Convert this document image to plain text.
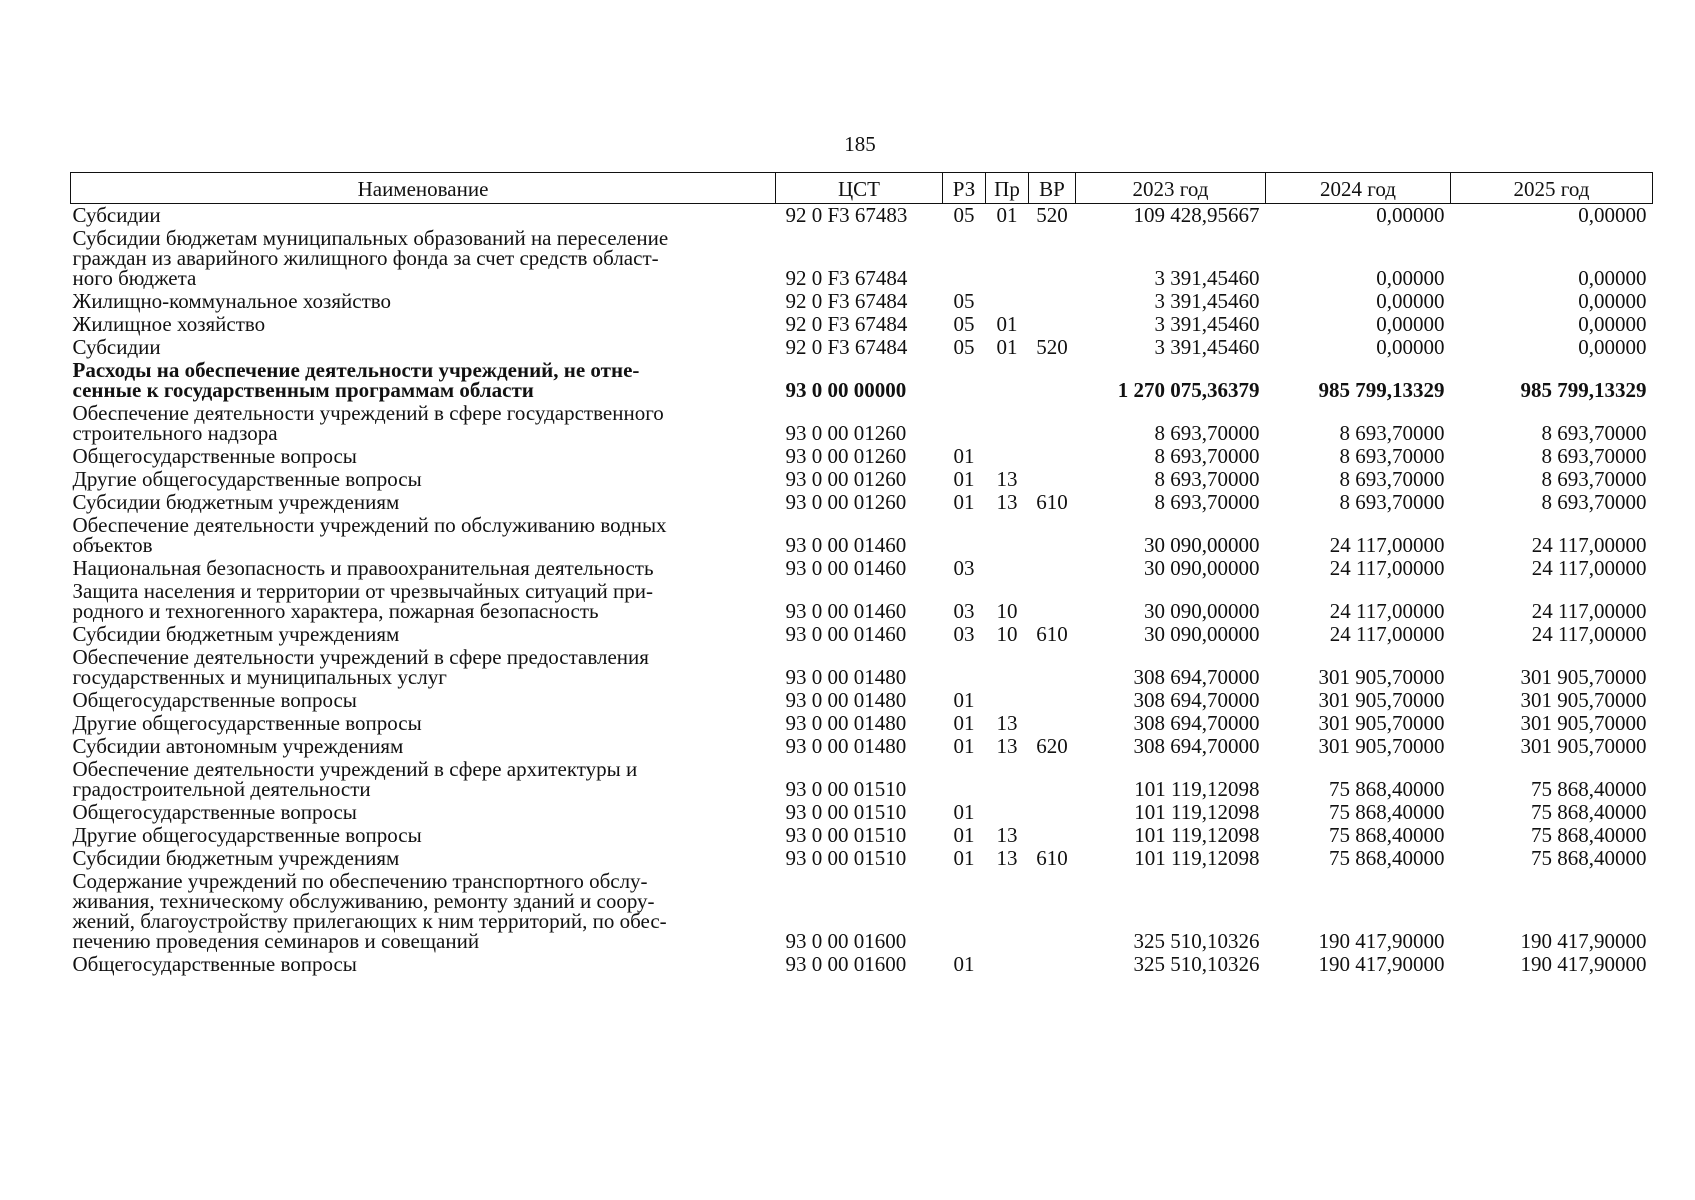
185
Наименование	ЦСТ	РЗ	Пр	ВР	2023 год	2024 год	2025 год

Субсидии	92 0 F3 67483	05	01	520	109 428,95667	0,00000	0,00000

Субсидии бюджетам муниципальных образований на переселение
граждан из аварийного жилищного фонда за счет средств област-
ного бюджета	92 0 F3 67484				3 391,45460	0,00000	0,00000

Жилищно-коммунальное хозяйство	92 0 F3 67484	05			3 391,45460	0,00000	0,00000

Жилищное хозяйство	92 0 F3 67484	05	01		3 391,45460	0,00000	0,00000

Субсидии	92 0 F3 67484	05	01	520	3 391,45460	0,00000	0,00000

Расходы на обеспечение деятельности учреждений, не отне-
сенные к государственным программам области	93 0 00 00000				1 270 075,36379	985 799,13329	985 799,13329

Обеспечение деятельности учреждений в сфере государственного
строительного надзора	93 0 00 01260				8 693,70000	8 693,70000	8 693,70000

Общегосударственные вопросы	93 0 00 01260	01			8 693,70000	8 693,70000	8 693,70000

Другие общегосударственные вопросы	93 0 00 01260	01	13		8 693,70000	8 693,70000	8 693,70000

Субсидии бюджетным учреждениям	93 0 00 01260	01	13	610	8 693,70000	8 693,70000	8 693,70000

Обеспечение деятельности учреждений по обслуживанию водных
объектов	93 0 00 01460				30 090,00000	24 117,00000	24 117,00000

Национальная безопасность и правоохранительная деятельность	93 0 00 01460	03			30 090,00000	24 117,00000	24 117,00000

Защита населения и территории от чрезвычайных ситуаций при-
родного и техногенного характера, пожарная безопасность	93 0 00 01460	03	10		30 090,00000	24 117,00000	24 117,00000

Субсидии бюджетным учреждениям	93 0 00 01460	03	10	610	30 090,00000	24 117,00000	24 117,00000

Обеспечение деятельности учреждений в сфере предоставления
государственных и муниципальных услуг	93 0 00 01480				308 694,70000	301 905,70000	301 905,70000

Общегосударственные вопросы	93 0 00 01480	01			308 694,70000	301 905,70000	301 905,70000

Другие общегосударственные вопросы	93 0 00 01480	01	13		308 694,70000	301 905,70000	301 905,70000

Субсидии автономным учреждениям	93 0 00 01480	01	13	620	308 694,70000	301 905,70000	301 905,70000

Обеспечение деятельности учреждений в сфере архитектуры и
градостроительной деятельности	93 0 00 01510				101 119,12098	75 868,40000	75 868,40000

Общегосударственные вопросы	93 0 00 01510	01			101 119,12098	75 868,40000	75 868,40000

Другие общегосударственные вопросы	93 0 00 01510	01	13		101 119,12098	75 868,40000	75 868,40000

Субсидии бюджетным учреждениям	93 0 00 01510	01	13	610	101 119,12098	75 868,40000	75 868,40000

Содержание учреждений по обеспечению транспортного обслу-
живания, техническому обслуживанию, ремонту зданий и соору-
жений, благоустройству прилегающих к ним территорий, по обес-
печению проведения семинаров и совещаний	93 0 00 01600				325 510,10326	190 417,90000	190 417,90000

Общегосударственные вопросы	93 0 00 01600	01			325 510,10326	190 417,90000	190 417,90000
